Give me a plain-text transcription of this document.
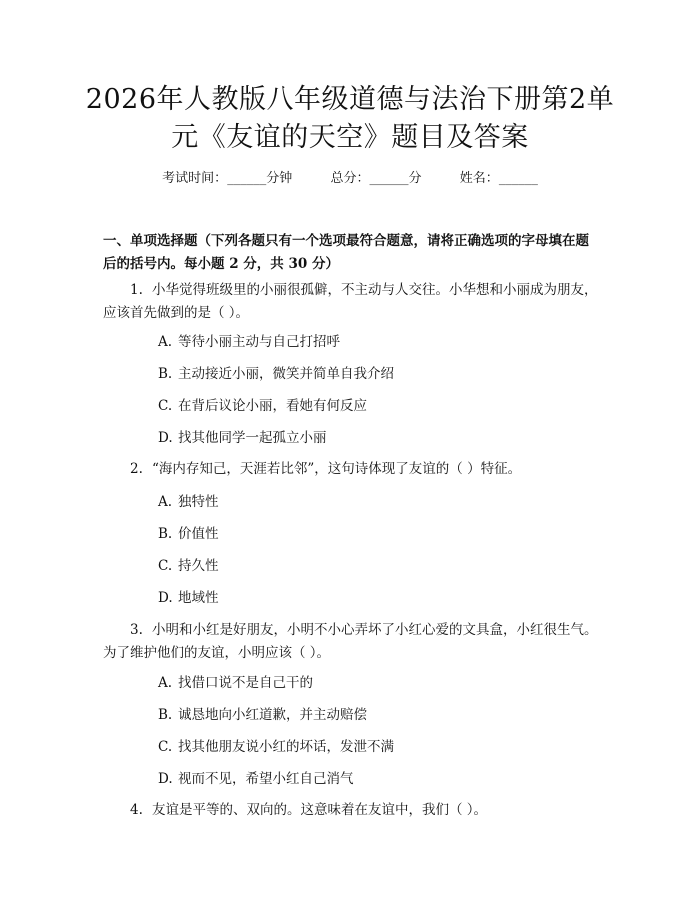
2026年人教版八年级道德与法治下册第2单
元《友谊的天空》题目及答案
考试时间：______分钟	总分：______分	姓名：______
一、单项选择题（下列各题只有一个选项最符合题意，请将正确选项的字母填在题后的括号内。每小题 2 分，共 30 分）
1. 小华觉得班级里的小丽很孤僻，不主动与人交往。小华想和小丽成为朋友，应该首先做到的是（ ）。
A. 等待小丽主动与自己打招呼
B. 主动接近小丽，微笑并简单自我介绍
C. 在背后议论小丽，看她有何反应
D. 找其他同学一起孤立小丽
2. “海内存知己，天涯若比邻”，这句诗体现了友谊的（ ）特征。
A. 独特性
B. 价值性
C. 持久性
D. 地域性
3. 小明和小红是好朋友，小明不小心弄坏了小红心爱的文具盒，小红很生气。为了维护他们的友谊，小明应该（ ）。
A. 找借口说不是自己干的
B. 诚恳地向小红道歉，并主动赔偿
C. 找其他朋友说小红的坏话，发泄不满
D. 视而不见，希望小红自己消气
4. 友谊是平等的、双向的。这意味着在友谊中，我们（ ）。
